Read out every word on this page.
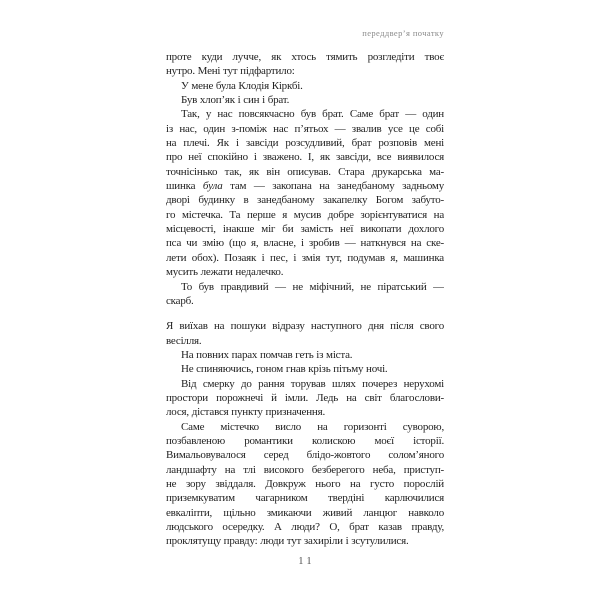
переддвер’я початку
проте куди лучче, як хтось тямить розгледіти твоє
нутро. Мені тут підфартило:
У мене була Клодія Кіркбі.
Був хлоп’як і син і брат.
Так, у нас повсякчасно був брат. Саме брат — один
із нас, один з-поміж нас п’ятьох — звалив усе це собі
на плечі. Як і завсіди розсудливий, брат розповів мені
про неї спокійно і зважено. І, як завсіди, все виявилося
точнісінько так, як він описував. Стара друкарська ма-
шинка була там — закопана на занедбаному задньому
дворі будинку в занедбаному закапелку Богом забуто-
го містечка. Та перше я мусив добре зорієнтуватися на
місцевості, інакше міг би замість неї викопати дохлого
пса чи змію (що я, власне, і зробив — наткнувся на ске-
лети обох). Позаяк і пес, і змія тут, подумав я, машинка
мусить лежати недалечко.
То був правдивий — не міфічний, не піратський —
скарб.
Я виїхав на пошуки відразу наступного дня після свого
весілля.
На повних парах помчав геть із міста.
Не спиняючись, гоном гнав крізь пітьму ночі.
Від смерку до рання торував шлях почерез нерухомі
простори порожнечі й імли. Ледь на світ благослови-
лося, дістався пункту призначення.
Саме містечко висло на горизонті суворою,
позбавленою романтики колискою моєї історії.
Вимальовувалося серед блідо-жовтого солом’яного
ландшафту на тлі високого безберегого неба, приступ-
не зору звіддаля. Довкруж нього на густо порослій
приземкуватим чагарником твердіні карлючилися
евкаліпти, щільно змикаючи живий ланцюг навколо
людського осередку. А люди? О, брат казав правду,
проклятущу правду: люди тут захиріли і зсутулилися.
11
